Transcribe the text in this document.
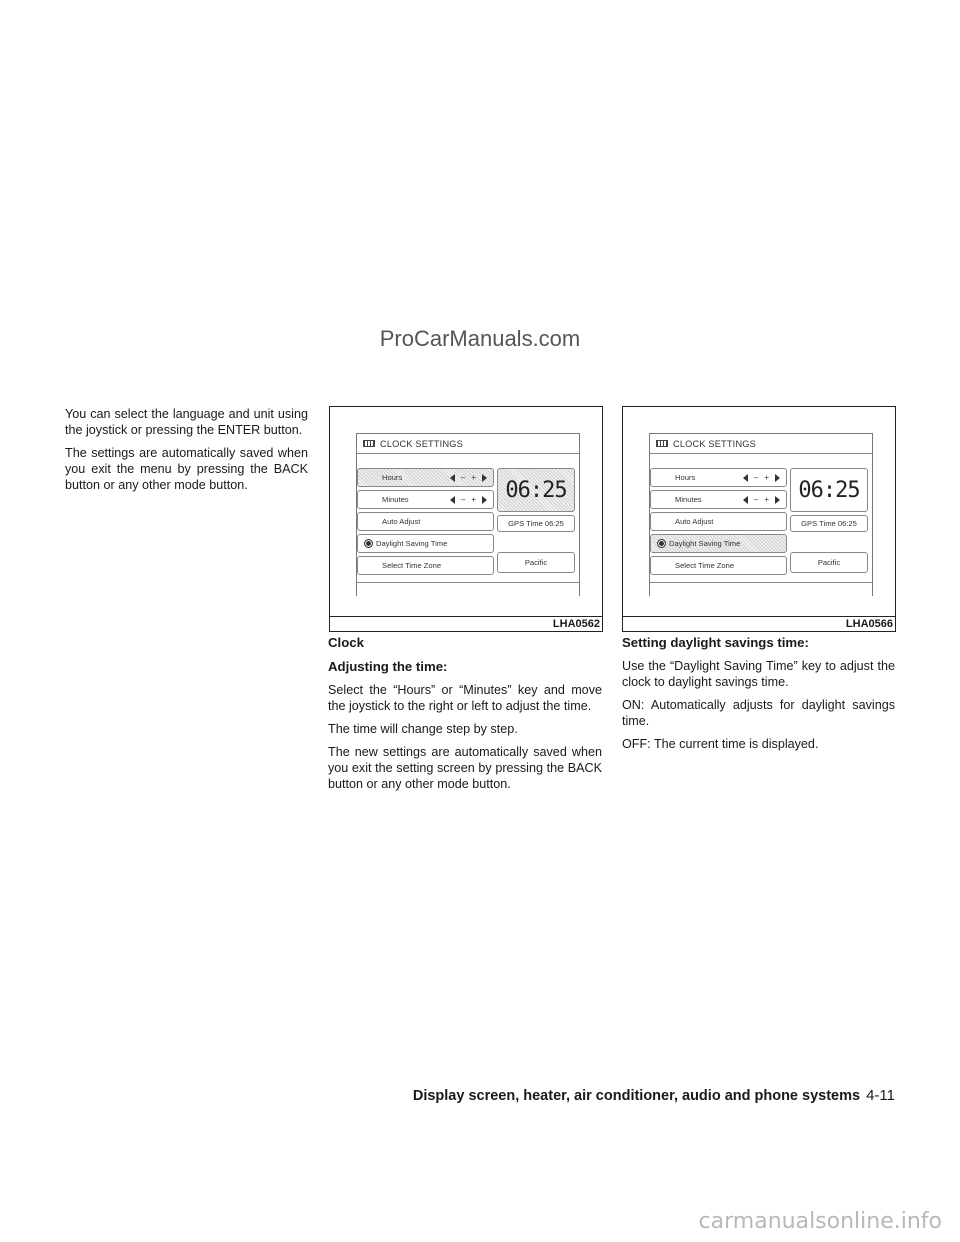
ProCarManuals.com

You can select the language and unit using the joystick or pressing the ENTER button.

The settings are automatically saved when you exit the menu by pressing the BACK button or any other mode button.

CLOCK SETTINGS
Hours	– +
Minutes	– +	06:25
Auto Adjust	GPS Time 06:25
Daylight Saving Time
Select Time Zone	Pacific
LHA0562
CLOCK SETTINGS
Hours	– +
Minutes	– +	06:25
Auto Adjust	GPS Time 06:25
Daylight Saving Time
Select Time Zone	Pacific
LHA0566
Clock
Adjusting the time:

Select the “Hours” or “Minutes” key and move the joystick to the right or left to adjust the time.

The time will change step by step.

The new settings are automatically saved when you exit the setting screen by pressing the BACK button or any other mode button.

Setting daylight savings time:

Use the “Daylight Saving Time” key to adjust the clock to daylight savings time.

ON: Automatically adjusts for daylight savings time.

OFF: The current time is displayed.

Display screen, heater, air conditioner, audio and phone systems 4-11
carmanualsonline.info
